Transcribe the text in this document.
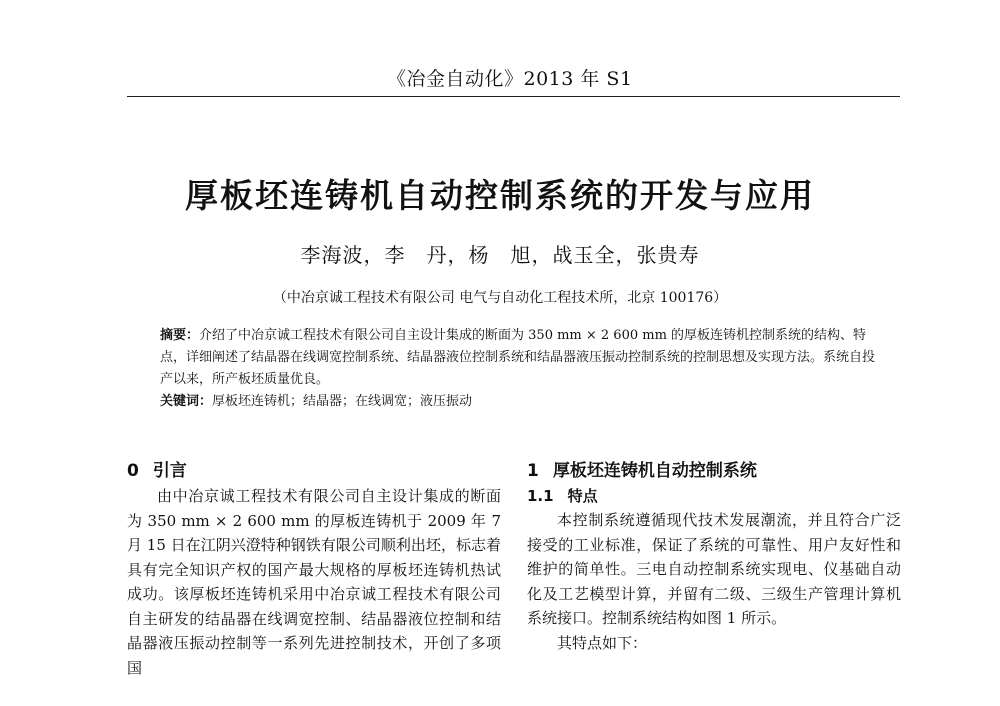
《冶金自动化》2013 年 S1
厚板坯连铸机自动控制系统的开发与应用
李海波，李　丹，杨　旭，战玉全，张贵寿
（中冶京诚工程技术有限公司 电气与自动化工程技术所，北京 100176）

摘要：介绍了中冶京诚工程技术有限公司自主设计集成的断面为 350 mm × 2 600 mm 的厚板连铸机控制系统的结构、特点，详细阐述了结晶器在线调宽控制系统、结晶器液位控制系统和结晶器液压振动控制系统的控制思想及实现方法。系统自投产以来，所产板坯质量优良。

关键词：厚板坯连铸机；结晶器；在线调宽；液压振动

0 引言

由中冶京诚工程技术有限公司自主设计集成的断面为 350 mm × 2 600 mm 的厚板连铸机于 2009 年 7 月 15 日在江阴兴澄特种钢铁有限公司顺利出坯，标志着具有完全知识产权的国产最大规格的厚板坯连铸机热试成功。该厚板坯连铸机采用中冶京诚工程技术有限公司自主研发的结晶器在线调宽控制、结晶器液位控制和结晶器液压振动控制等一系列先进控制技术，开创了多项国

1 厚板坯连铸机自动控制系统
1.1 特点

本控制系统遵循现代技术发展潮流，并且符合广泛接受的工业标准，保证了系统的可靠性、用户友好性和维护的简单性。三电自动控制系统实现电、仪基础自动化及工艺模型计算，并留有二级、三级生产管理计算机系统接口。控制系统结构如图 1 所示。

其特点如下：
